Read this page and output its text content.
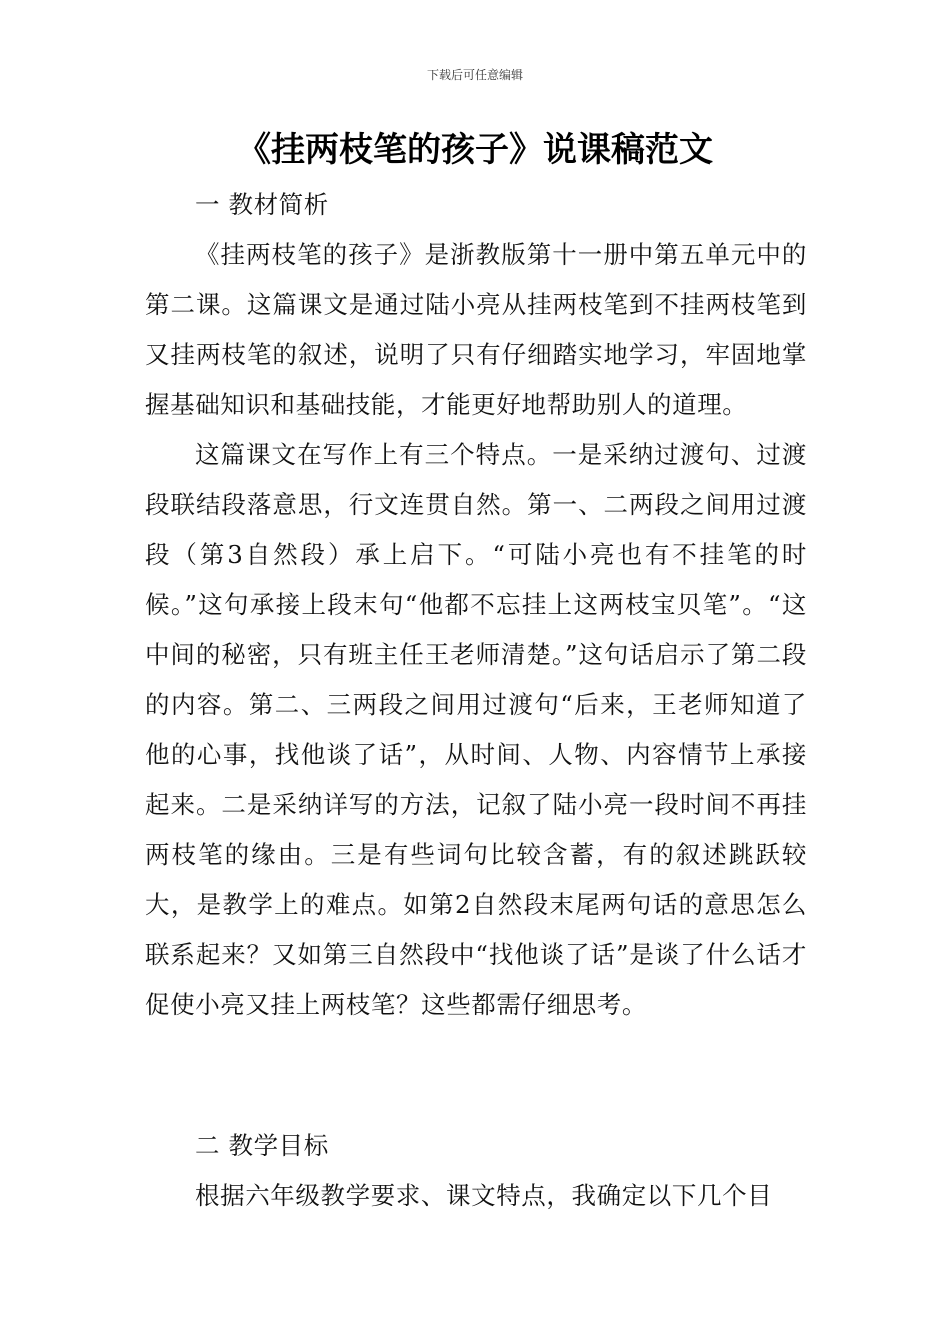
下载后可任意编辑
《挂两枝笔的孩子》说课稿范文

一 教材简析

《挂两枝笔的孩子》是浙教版第十一册中第五单元中的第二课。这篇课文是通过陆小亮从挂两枝笔到不挂两枝笔到又挂两枝笔的叙述，说明了只有仔细踏实地学习，牢固地掌握基础知识和基础技能，才能更好地帮助别人的道理。

这篇课文在写作上有三个特点。一是采纳过渡句、过渡段联结段落意思，行文连贯自然。第一、二两段之间用过渡段（第3自然段）承上启下。“可陆小亮也有不挂笔的时候。”这句承接上段末句“他都不忘挂上这两枝宝贝笔”。“这中间的秘密，只有班主任王老师清楚。”这句话启示了第二段的内容。第二、三两段之间用过渡句“后来，王老师知道了他的心事，找他谈了话”，从时间、人物、内容情节上承接起来。二是采纳详写的方法，记叙了陆小亮一段时间不再挂两枝笔的缘由。三是有些词句比较含蓄，有的叙述跳跃较大，是教学上的难点。如第2自然段末尾两句话的意思怎么联系起来？又如第三自然段中“找他谈了话”是谈了什么话才促使小亮又挂上两枝笔？这些都需仔细思考。

二 教学目标

根据六年级教学要求、课文特点，我确定以下几个目
